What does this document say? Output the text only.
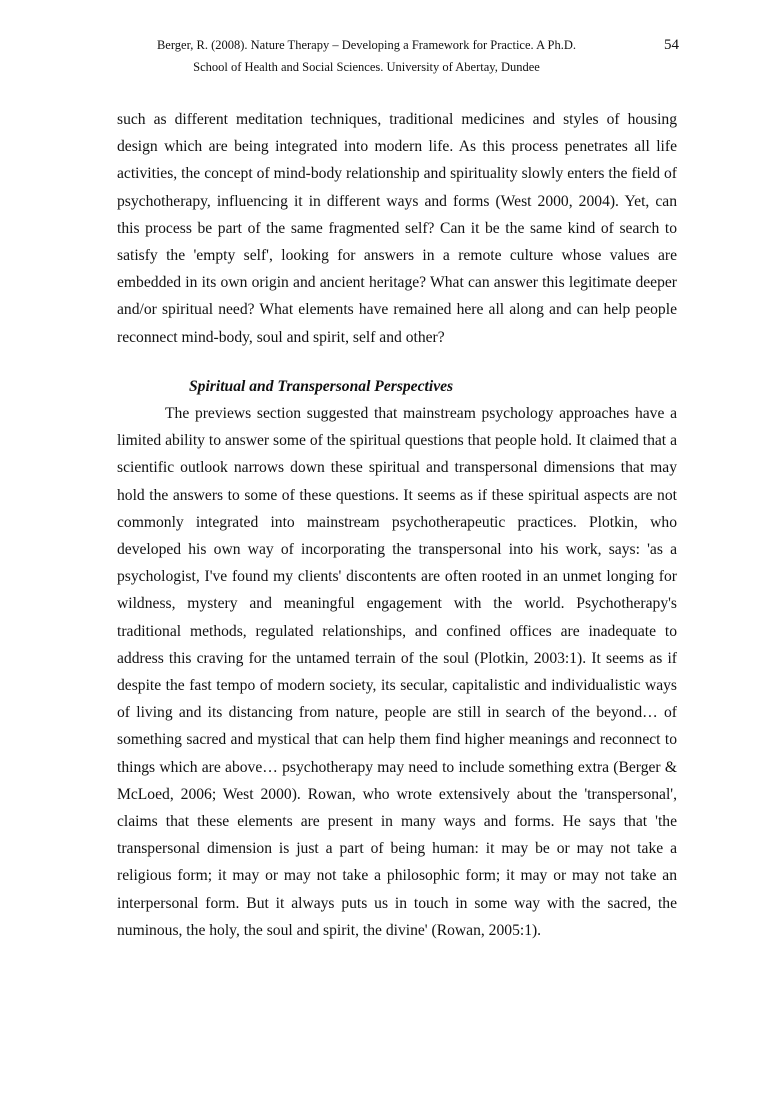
Berger, R. (2008). Nature Therapy – Developing a Framework for Practice. A Ph.D.
School of Health and Social Sciences. University of Abertay, Dundee
54

such as different meditation techniques, traditional medicines and styles of housing design which are being integrated into modern life. As this process penetrates all life activities, the concept of mind-body relationship and spirituality slowly enters the field of psychotherapy, influencing it in different ways and forms (West 2000, 2004). Yet, can this process be part of the same fragmented self? Can it be the same kind of search to satisfy the 'empty self', looking for answers in a remote culture whose values are embedded in its own origin and ancient heritage? What can answer this legitimate deeper and/or spiritual need? What elements have remained here all along and can help people reconnect mind-body, soul and spirit, self and other?

Spiritual and Transpersonal Perspectives

The previews section suggested that mainstream psychology approaches have a limited ability to answer some of the spiritual questions that people hold. It claimed that a scientific outlook narrows down these spiritual and transpersonal dimensions that may hold the answers to some of these questions. It seems as if these spiritual aspects are not commonly integrated into mainstream psychotherapeutic practices. Plotkin, who developed his own way of incorporating the transpersonal into his work, says: 'as a psychologist, I've found my clients' discontents are often rooted in an unmet longing for wildness, mystery and meaningful engagement with the world. Psychotherapy's traditional methods, regulated relationships, and confined offices are inadequate to address this craving for the untamed terrain of the soul (Plotkin, 2003:1). It seems as if despite the fast tempo of modern society, its secular, capitalistic and individualistic ways of living and its distancing from nature, people are still in search of the beyond… of something sacred and mystical that can help them find higher meanings and reconnect to things which are above… psychotherapy may need to include something extra (Berger & McLoed, 2006; West 2000). Rowan, who wrote extensively about the 'transpersonal', claims that these elements are present in many ways and forms. He says that 'the transpersonal dimension is just a part of being human: it may be or may not take a religious form; it may or may not take a philosophic form; it may or may not take an interpersonal form. But it always puts us in touch in some way with the sacred, the numinous, the holy, the soul and spirit, the divine' (Rowan, 2005:1).
